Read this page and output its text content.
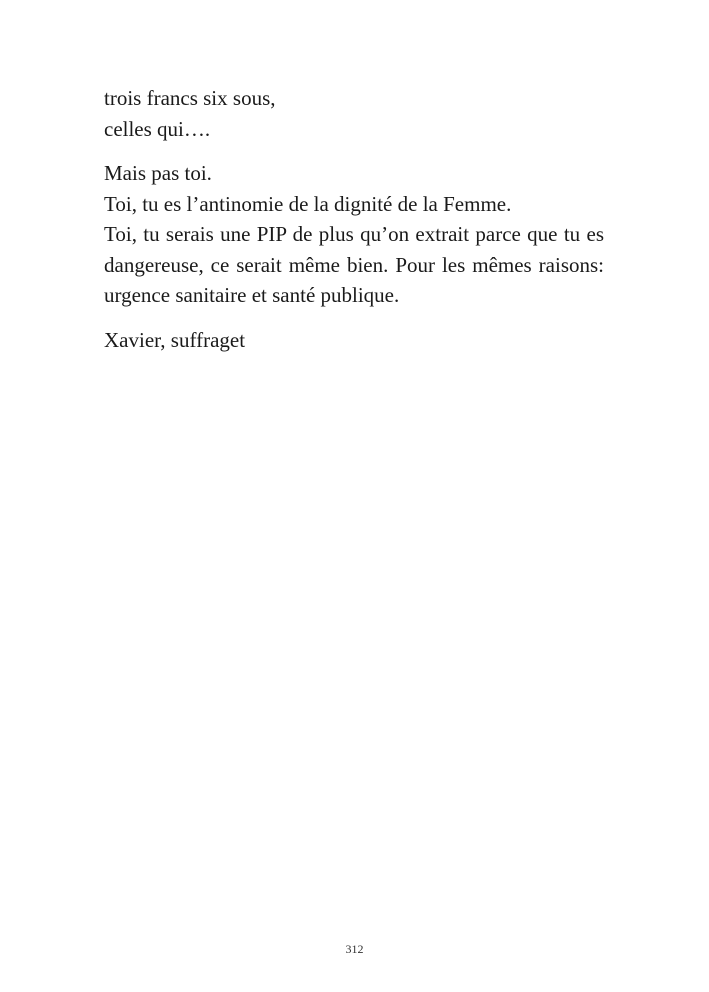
trois francs six sous,
celles qui….

Mais pas toi.
Toi, tu es l’antinomie de la dignité de la Femme.
Toi, tu serais une PIP de plus qu’on extrait parce que tu es dangereuse, ce serait même bien. Pour les mêmes raisons: urgence sanitaire et santé publique.

Xavier, suffraget

312
